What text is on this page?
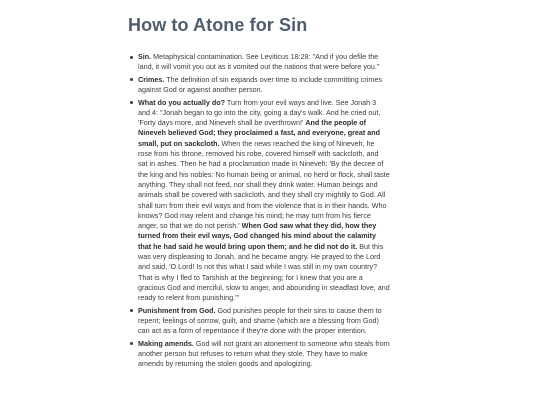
How to Atone for Sin
Sin. Metaphysical contamination. See Leviticus 18:28: "And if you defile the land, it will vomit you out as it vomited out the nations that were before you."
Crimes. The definition of sin expands over time to include committing crimes against God or against another person.
What do you actually do? Turn from your evil ways and live. See Jonah 3 and 4: "Jonah began to go into the city, going a day's walk. And he cried out, 'Forty days more, and Nineveh shall be overthrown!' And the people of Nineveh believed God; they proclaimed a fast, and everyone, great and small, put on sackcloth. When the news reached the king of Nineveh, he rose from his throne, removed his robe, covered himself with sackcloth, and sat in ashes. Then he had a proclamation made in Nineveh: 'By the decree of the king and his nobles: No human being or animal, no herd or flock, shall taste anything. They shall not feed, nor shall they drink water. Human beings and animals shall be covered with sackcloth, and they shall cry mightily to God. All shall turn from their evil ways and from the violence that is in their hands. Who knows? God may relent and change his mind; he may turn from his fierce anger, so that we do not perish.' When God saw what they did, how they turned from their evil ways, God changed his mind about the calamity that he had said he would bring upon them; and he did not do it. But this was very displeasing to Jonah, and he became angry. He prayed to the Lord and said, 'O Lord! Is not this what I said while I was still in my own country? That is why I fled to Tarshish at the beginning; for I knew that you are a gracious God and merciful, slow to anger, and abounding in steadfast love, and ready to relent from punishing.'"
Punishment from God. God punishes people for their sins to cause them to repent; feelings of sorrow, guilt, and shame (which are a blessing from God) can act as a form of repentance if they're done with the proper intention.
Making amends. God will not grant an atonement to someone who steals from another person but refuses to return what they stole. They have to make amends by returning the stolen goods and apologizing.
